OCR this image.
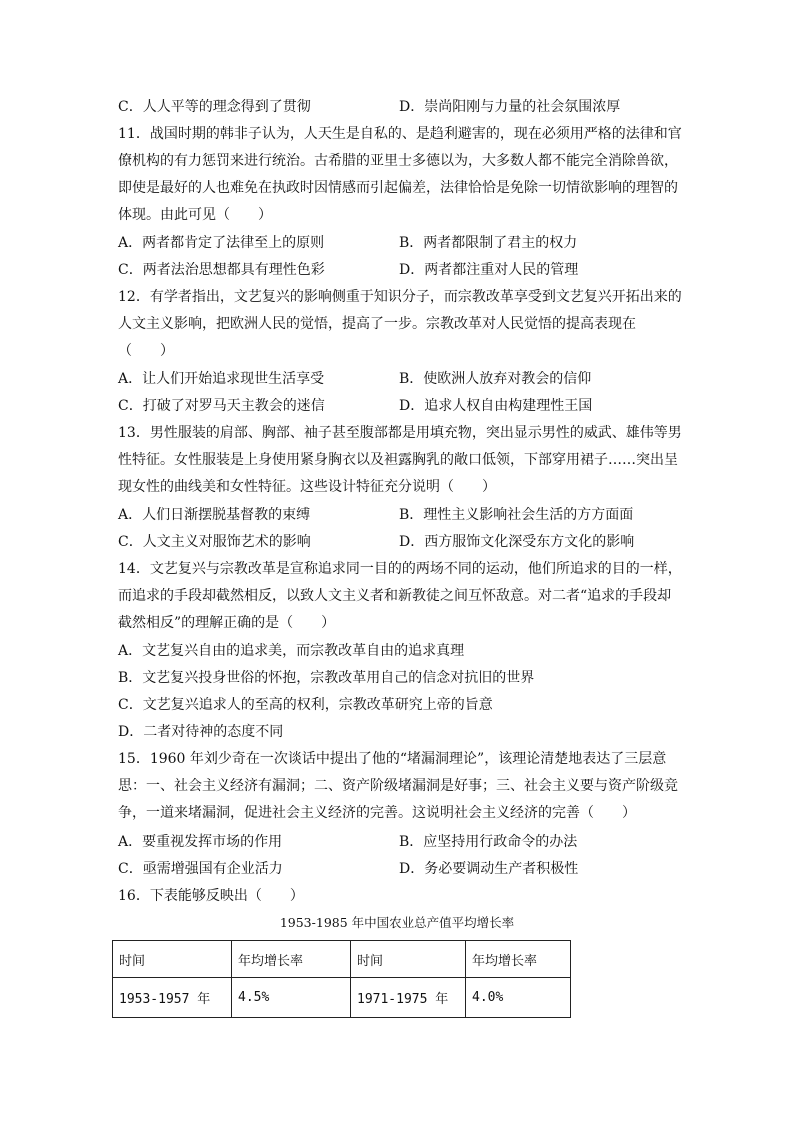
C．人人平等的理念得到了贯彻	D．崇尚阳刚与力量的社会氛围浓厚
11．战国时期的韩非子认为，人天生是自私的、是趋利避害的，现在必须用严格的法律和官
僚机构的有力惩罚来进行统治。古希腊的亚里士多德以为，大多数人都不能完全消除兽欲，
即使是最好的人也难免在执政时因情感而引起偏差，法律恰恰是免除一切情欲影响的理智的
体现。由此可见（　　）
A．两者都肯定了法律至上的原则	B．两者都限制了君主的权力
C．两者法治思想都具有理性色彩	D．两者都注重对人民的管理
12．有学者指出，文艺复兴的影响侧重于知识分子，而宗教改革享受到文艺复兴开拓出来的
人文主义影响，把欧洲人民的觉悟，提高了一步。宗教改革对人民觉悟的提高表现在
（　　）
A．让人们开始追求现世生活享受	B．使欧洲人放弃对教会的信仰
C．打破了对罗马天主教会的迷信	D．追求人权自由构建理性王国
13．男性服装的肩部、胸部、袖子甚至腹部都是用填充物，突出显示男性的威武、雄伟等男
性特征。女性服装是上身使用紧身胸衣以及袒露胸乳的敞口低领，下部穿用裙子……突出呈
现女性的曲线美和女性特征。这些设计特征充分说明（　　）
A．人们日渐摆脱基督教的束缚	B．理性主义影响社会生活的方方面面
C．人文主义对服饰艺术的影响	D．西方服饰文化深受东方文化的影响
14．文艺复兴与宗教改革是宣称追求同一目的的两场不同的运动，他们所追求的目的一样，
而追求的手段却截然相反，以致人文主义者和新教徒之间互怀敌意。对二者“追求的手段却
截然相反”的理解正确的是（　　）
A．文艺复兴自由的追求美，而宗教改革自由的追求真理
B．文艺复兴投身世俗的怀抱，宗教改革用自己的信念对抗旧的世界
C．文艺复兴追求人的至高的权利，宗教改革研究上帝的旨意
D．二者对待神的态度不同
15．1960 年刘少奇在一次谈话中提出了他的“堵漏洞理论”，该理论清楚地表达了三层意
思：一、社会主义经济有漏洞；二、资产阶级堵漏洞是好事；三、社会主义要与资产阶级竞
争，一道来堵漏洞，促进社会主义经济的完善。这说明社会主义经济的完善（　　）
A．要重视发挥市场的作用	B．应坚持用行政命令的办法
C．亟需增强国有企业活力	D．务必要调动生产者积极性
16．下表能够反映出（　　）
1953-1985 年中国农业总产值平均增长率
时间	年均增长率	时间	年均增长率
1953-1957 年	4.5%	1971-1975 年	4.0%
